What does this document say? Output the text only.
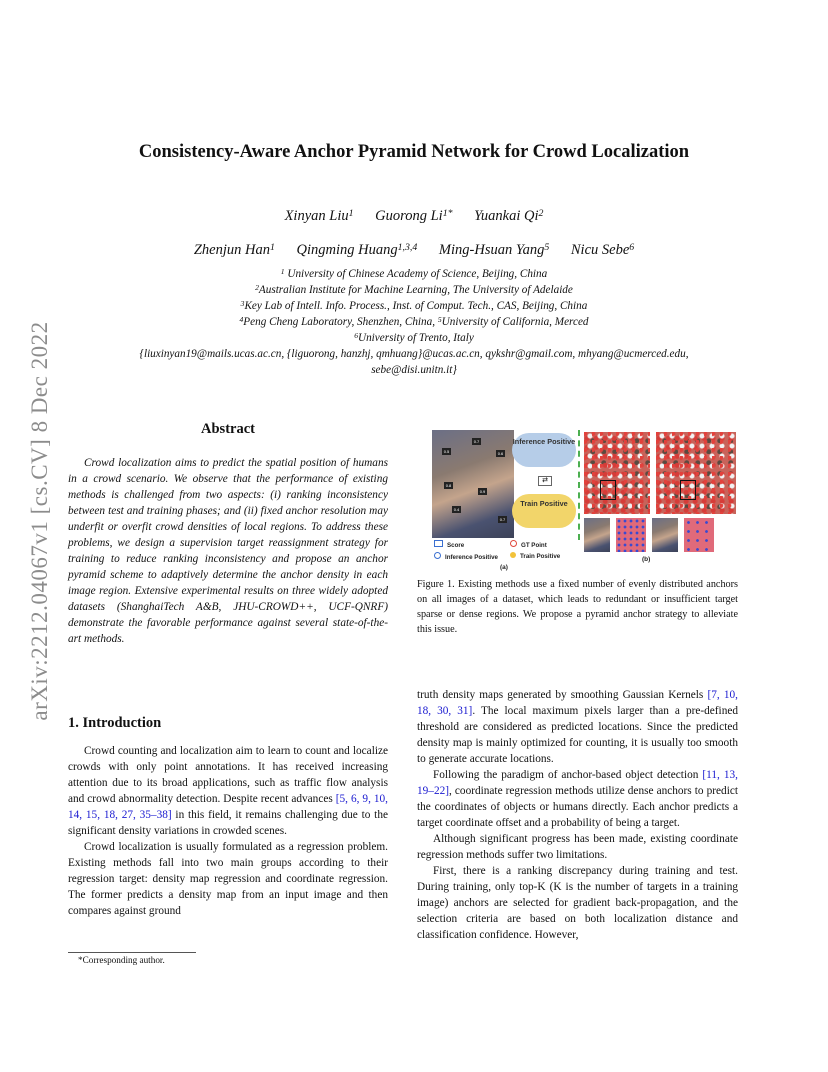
arXiv:2212.04067v1 [cs.CV] 8 Dec 2022
Consistency-Aware Anchor Pyramid Network for Crowd Localization
Xinyan Liu$^1$ Guorong $Li^{1*}$ Yuankai Qi$^2$
Zhenjun Han$^1$ Qingming Huang$^{1,3,4}$ Ming-Hsuan Yang$^5$ Nicu Sebe$^6$
$^1$ University of Chinese Academy of Science, Beijing, China
$^2$Australian Institute for Machine Learning, The University of Adelaide
$^3$Key Lab of Intell. Info. Process., Inst. of Comput. Tech., CAS, Beijing, China
$^4$Peng Cheng Laboratory, Shenzhen, China, $^5$University of California, Merced
$^6$University of Trento, Italy
{liuxinyan19@mails.ucas.ac.cn, {liguorong, hanzhj, qmhuang}@ucas.ac.cn, qykshr@gmail.com, mhyang@ucmerced.edu,
sebe@disi.unitn.it}
Abstract

Crowd localization aims to predict the spatial position of humans in a crowd scenario. We observe that the performance of existing methods is challenged from two aspects: (i) ranking inconsistency between test and training phases; and (ii) fixed anchor resolution may underfit or overfit crowd densities of local regions. To address these problems, we design a supervision target reassignment strategy for training to reduce ranking inconsistency and propose an anchor pyramid scheme to adaptively determine the anchor density in each image region. Extensive experimental results on three widely adopted datasets (ShanghaiTech A&B, JHU-CROWD++, UCF-QNRF) demonstrate the favorable performance against several state-of-the-art methods.

1. Introduction

Crowd counting and localization aim to learn to count and localize crowds with only point annotations. It has received increasing attention due to its broad applications, such as traffic flow analysis and crowd abnormality detection. Despite recent advances [5, 6, 9, 10, 14, 15, 18, 27, 35–38] in this field, it remains challenging due to the significant density variations in crowded scenes.

Crowd localization is usually formulated as a regression problem. Existing methods fall into two main groups according to their regression target: density map regression and coordinate regression. The former predicts a density map from an input image and then compares against ground

*Corresponding author.
0.5
0.7
0.6
0.8
0.9
0.4
0.7
Inference Positive
⇄
Train Positive
Score	GT Point
Inference Positive	Train Positive
(a)
(b)
Figure 1. Existing methods use a fixed number of evenly distributed anchors on all images of a dataset, which leads to redundant or insufficient target sparse or dense regions. We propose a pyramid anchor strategy to alleviate this issue.

truth density maps generated by smoothing Gaussian Kernels [7, 10, 18, 30, 31]. The local maximum pixels larger than a pre-defined threshold are considered as predicted locations. Since the predicted density map is mainly optimized for counting, it is usually too smooth to generate accurate locations.

Following the paradigm of anchor-based object detection [11, 13, 19–22], coordinate regression methods utilize dense anchors to predict the coordinates of objects or humans directly. Each anchor predicts a target coordinate offset and a probability of being a target.

Although significant progress has been made, existing coordinate regression methods suffer two limitations.

First, there is a ranking discrepancy during training and test. During training, only top-K (K is the number of targets in a training image) anchors are selected for gradient back-propagation, and the selection criteria are based on both localization distance and classification confidence. However,
